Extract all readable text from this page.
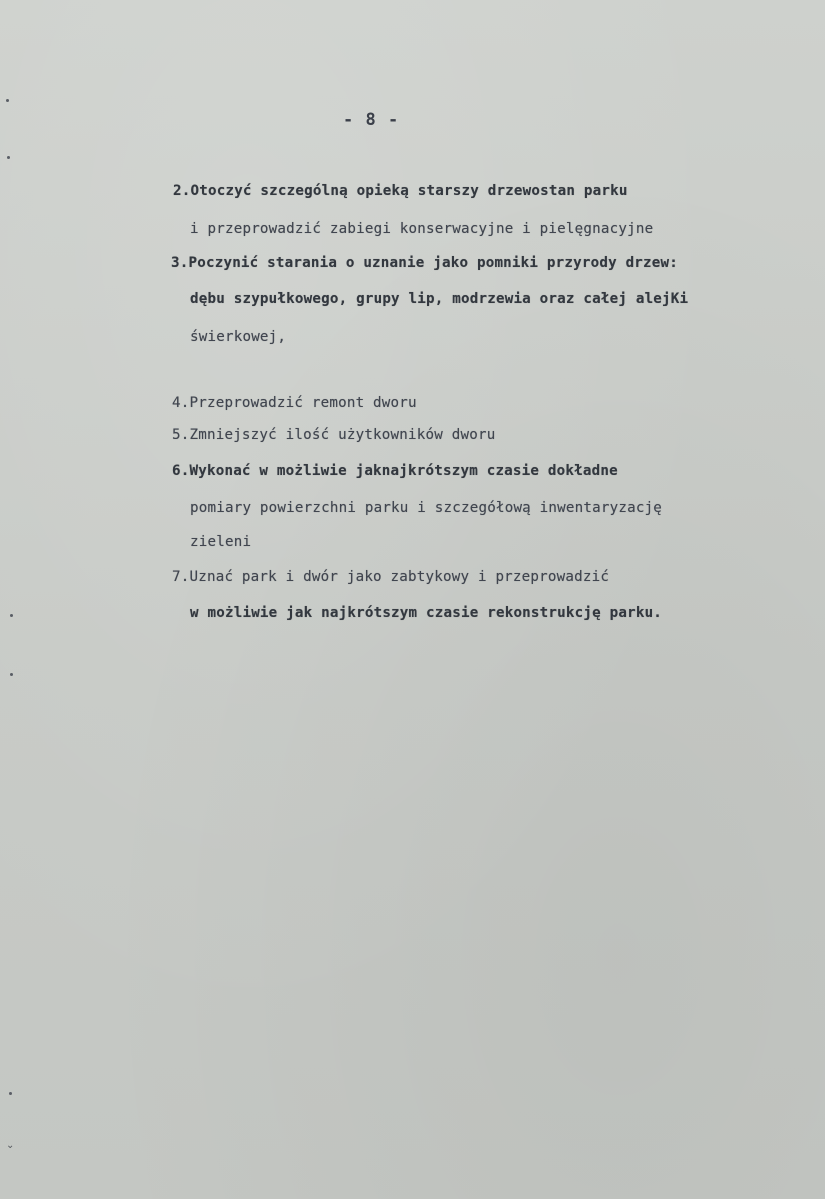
⌄
- 8 -
2.Otoczyć szczególną opieką starszy drzewostan parku
i przeprowadzić zabiegi konserwacyjne i pielęgnacyjne
3.Poczynić starania o uznanie jako pomniki przyrody drzew:
dębu szypułkowego, grupy lip, modrzewia oraz całej alejKi
świerkowej,
4.Przeprowadzić remont dworu
5.Zmniejszyć ilość użytkowników dworu
6.Wykonać w możliwie jaknajkrótszym czasie dokładne
pomiary powierzchni parku i szczegółową inwentaryzację
zieleni
7.Uznać park i dwór jako zabtykowy i przeprowadzić
w możliwie jak najkrótszym czasie rekonstrukcję parku.
